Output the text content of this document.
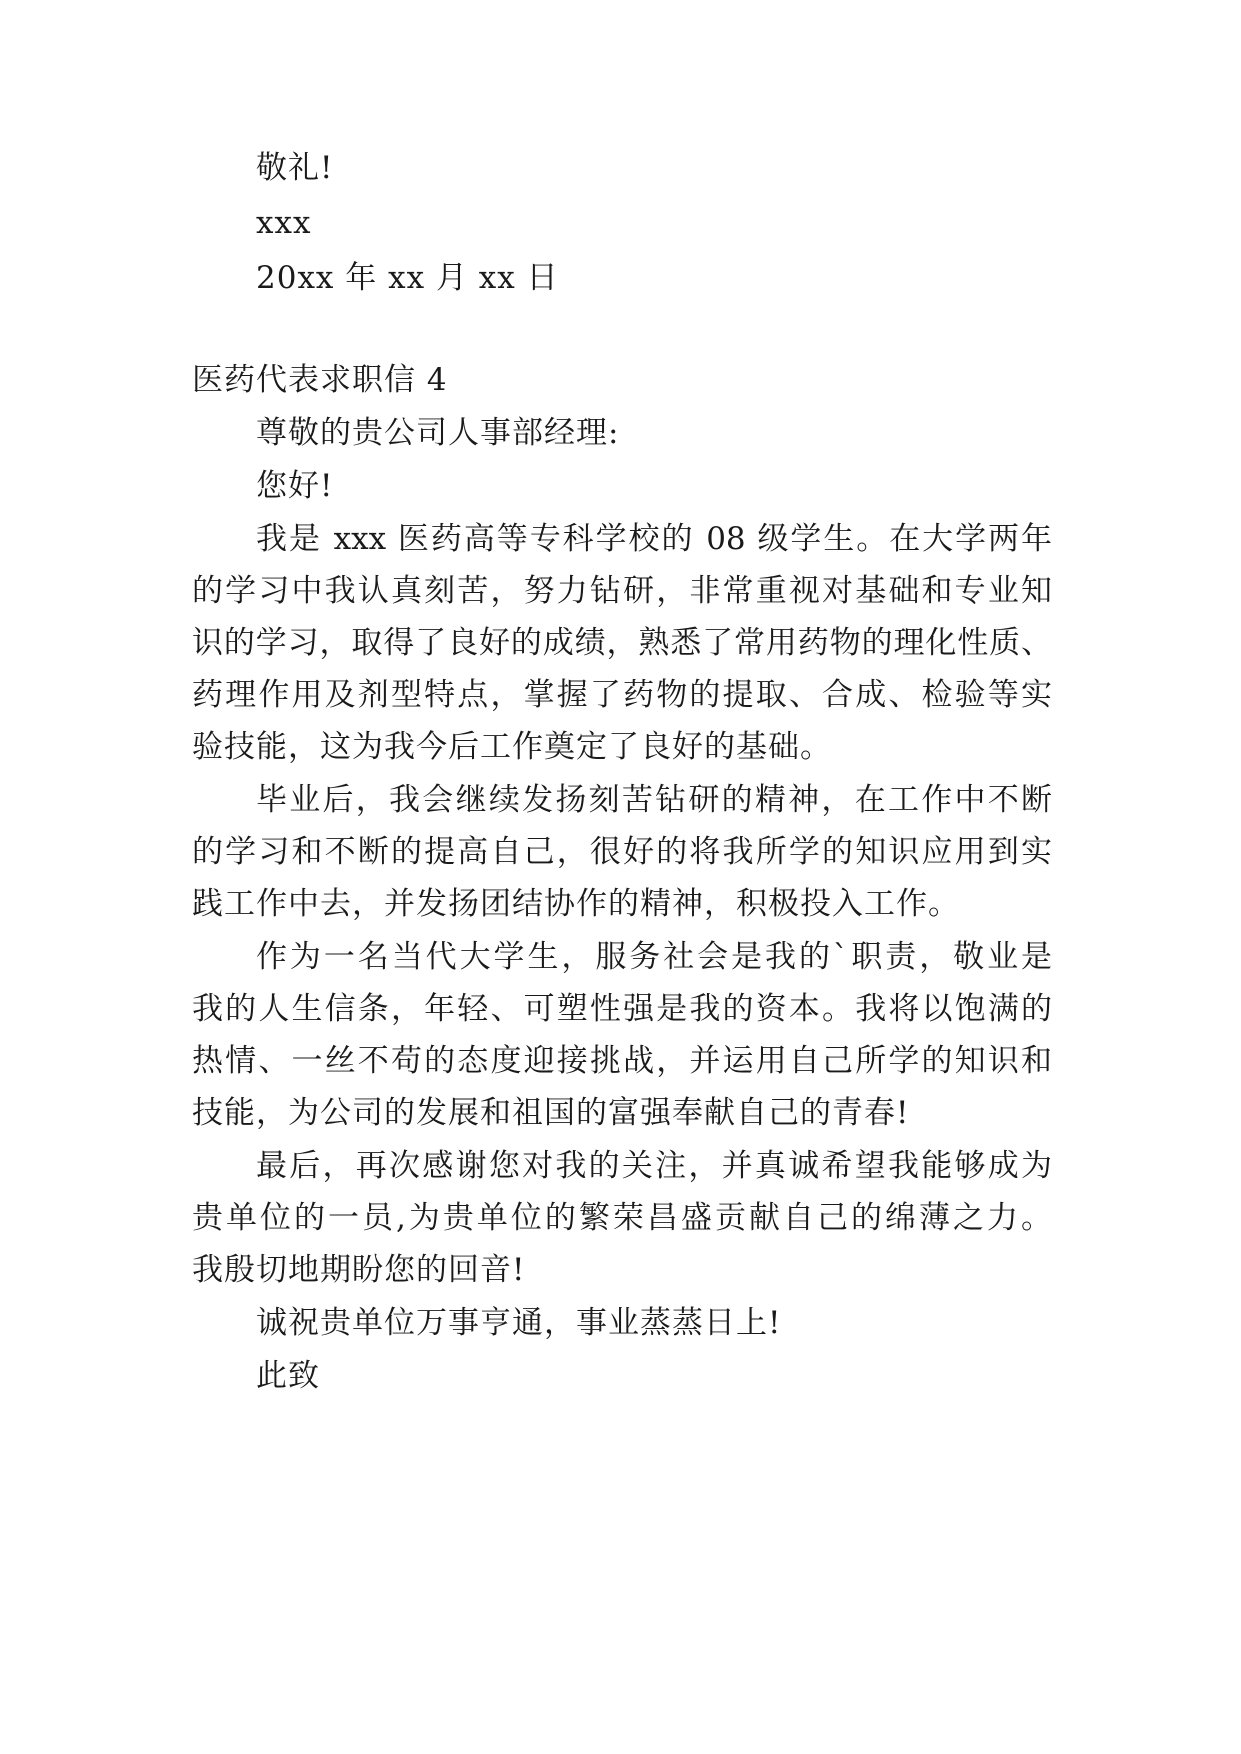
敬礼!

xxx

20xx 年 xx 月 xx 日

医药代表求职信 4

尊敬的贵公司人事部经理:

您好!

我是 xxx 医药高等专科学校的 08 级学生。在大学两年

的学习中我认真刻苦，努力钻研，非常重视对基础和专业知

识的学习，取得了良好的成绩，熟悉了常用药物的理化性质、

药理作用及剂型特点，掌握了药物的提取、合成、检验等实

验技能，这为我今后工作奠定了良好的基础。

毕业后，我会继续发扬刻苦钻研的精神，在工作中不断

的学习和不断的提高自己，很好的将我所学的知识应用到实

践工作中去，并发扬团结协作的精神，积极投入工作。

作为一名当代大学生，服务社会是我的`职责，敬业是

我的人生信条，年轻、可塑性强是我的资本。我将以饱满的

热情、一丝不苟的态度迎接挑战，并运用自己所学的知识和

技能，为公司的发展和祖国的富强奉献自己的青春!

最后，再次感谢您对我的关注，并真诚希望我能够成为

贵单位的一员,为贵单位的繁荣昌盛贡献自己的绵薄之力。

我殷切地期盼您的回音!

诚祝贵单位万事亨通，事业蒸蒸日上!

此致
